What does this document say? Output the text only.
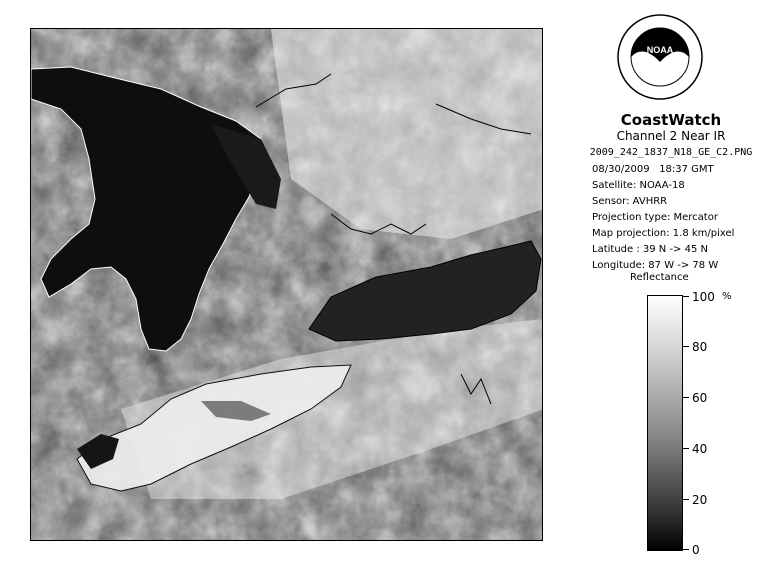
NOAA
CoastWatch
Channel 2 Near IR
2009_242_1837_N18_GE_C2.PNG
08/30/2009 18:37 GMT
Satellite: NOAA-18
Sensor: AVHRR
Projection type: Mercator
Map projection: 1.8 km/pixel
Latitude : 39 N -> 45 N
Longitude: 87 W -> 78 W
Reflectance
%
100
80
60
40
20
0
